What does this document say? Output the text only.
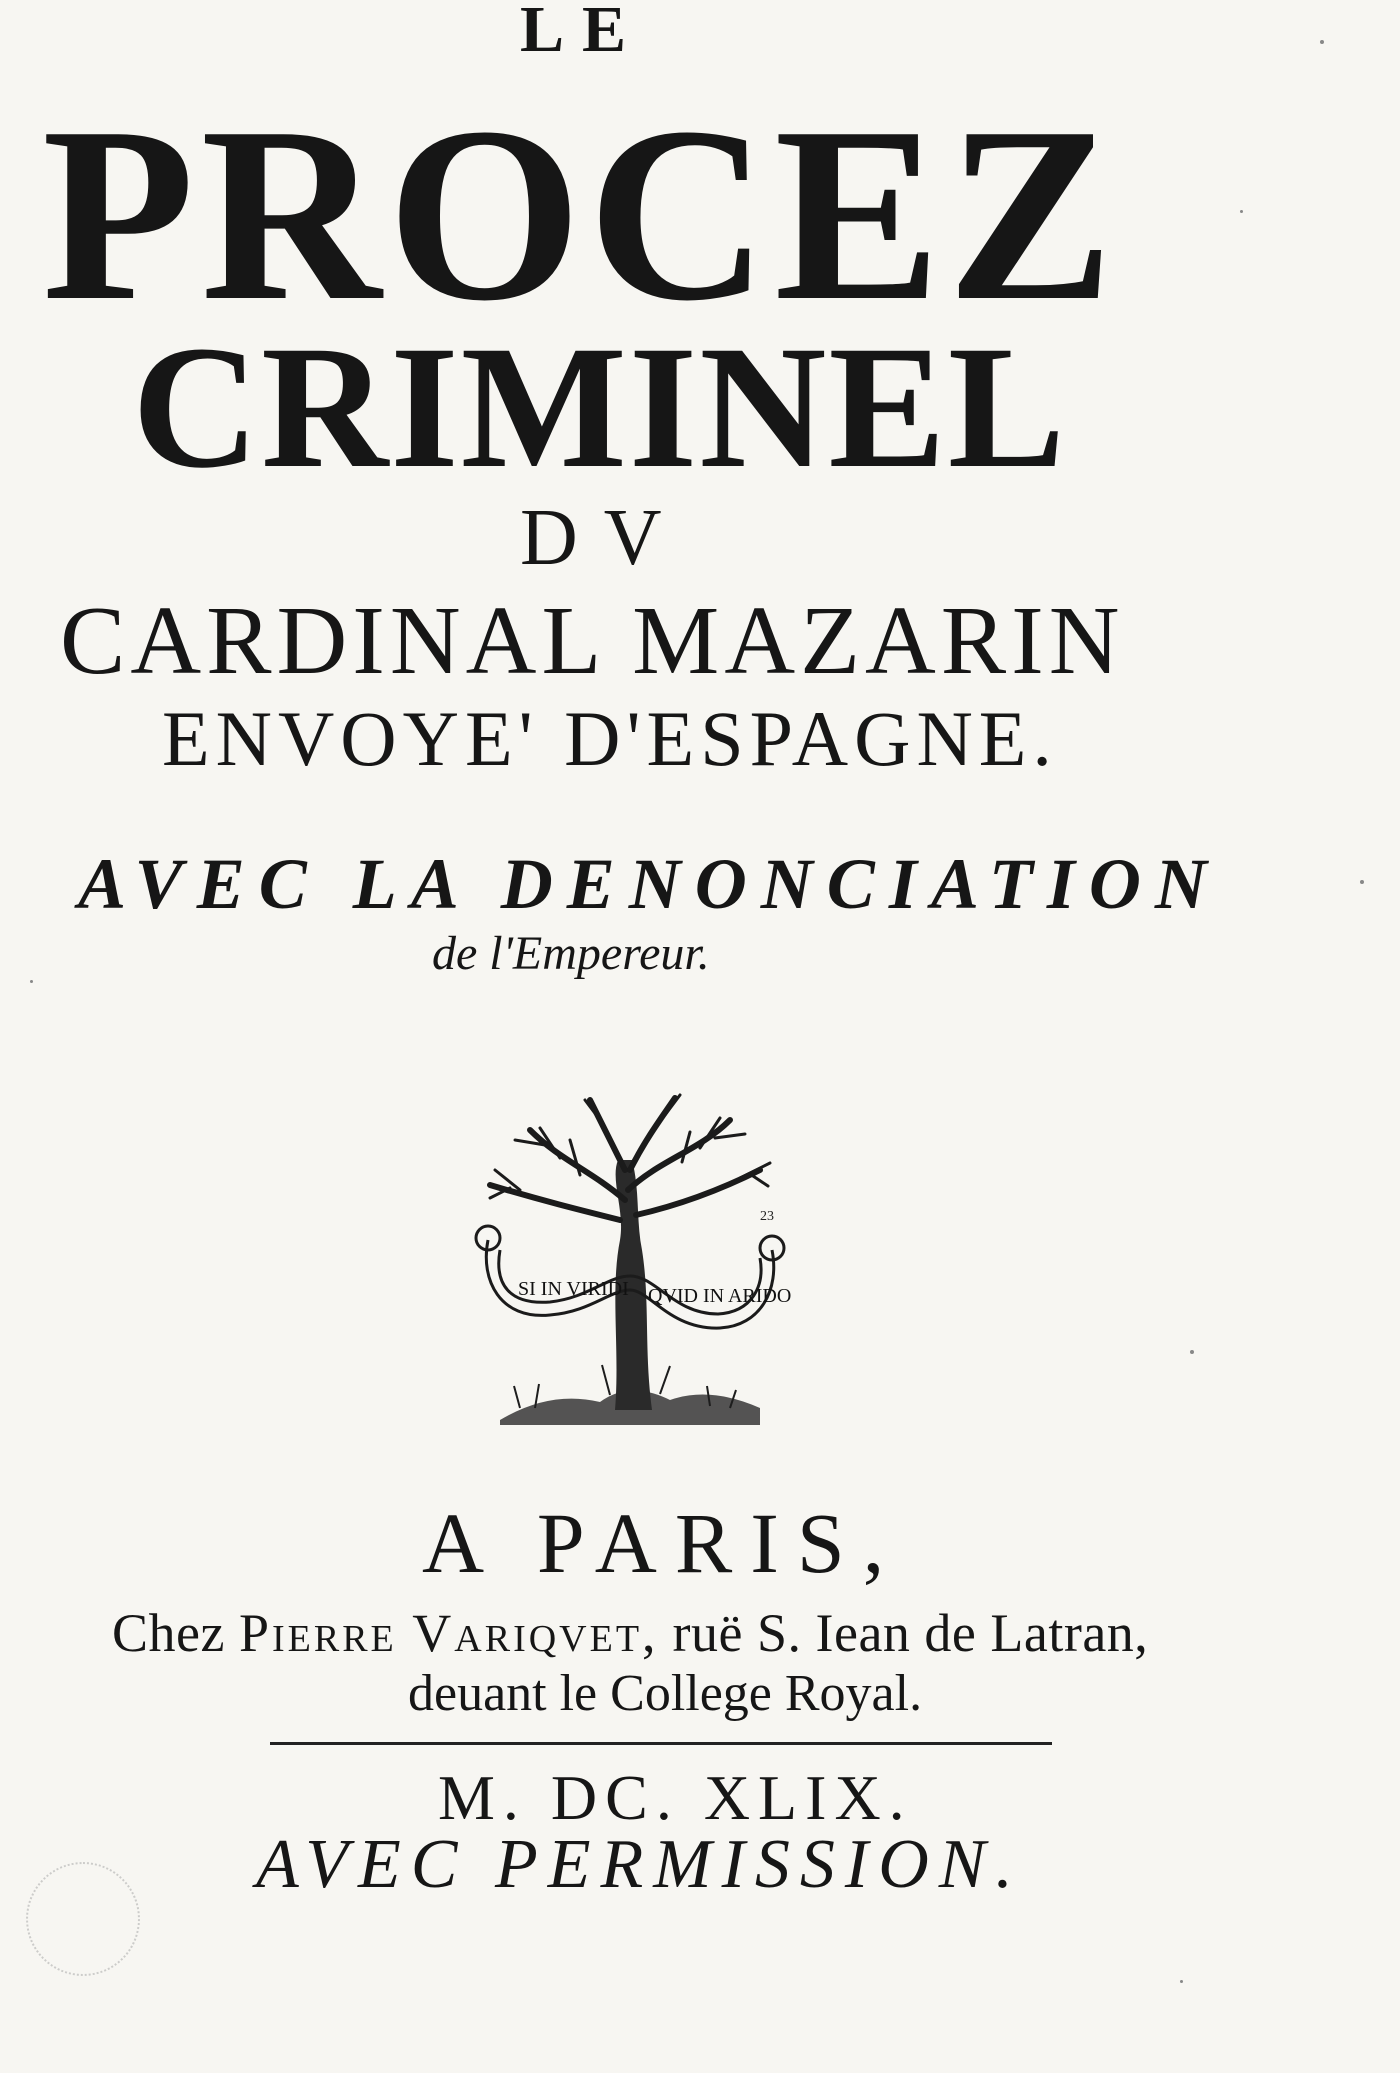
LE
PROCEZ
CRIMINEL
DV
CARDINAL MAZARIN
ENVOYE' D'ESPAGNE.
AVEC LA DENONCIATION
de l'Empereur.
SI IN VIRIDI QVID IN ARIDO
23
A PARIS,
Chez Pierre Variqvet, ruë S. Iean de Latran,
deuant le College Royal.
M. DC. XLIX.
AVEC PERMISSION.
